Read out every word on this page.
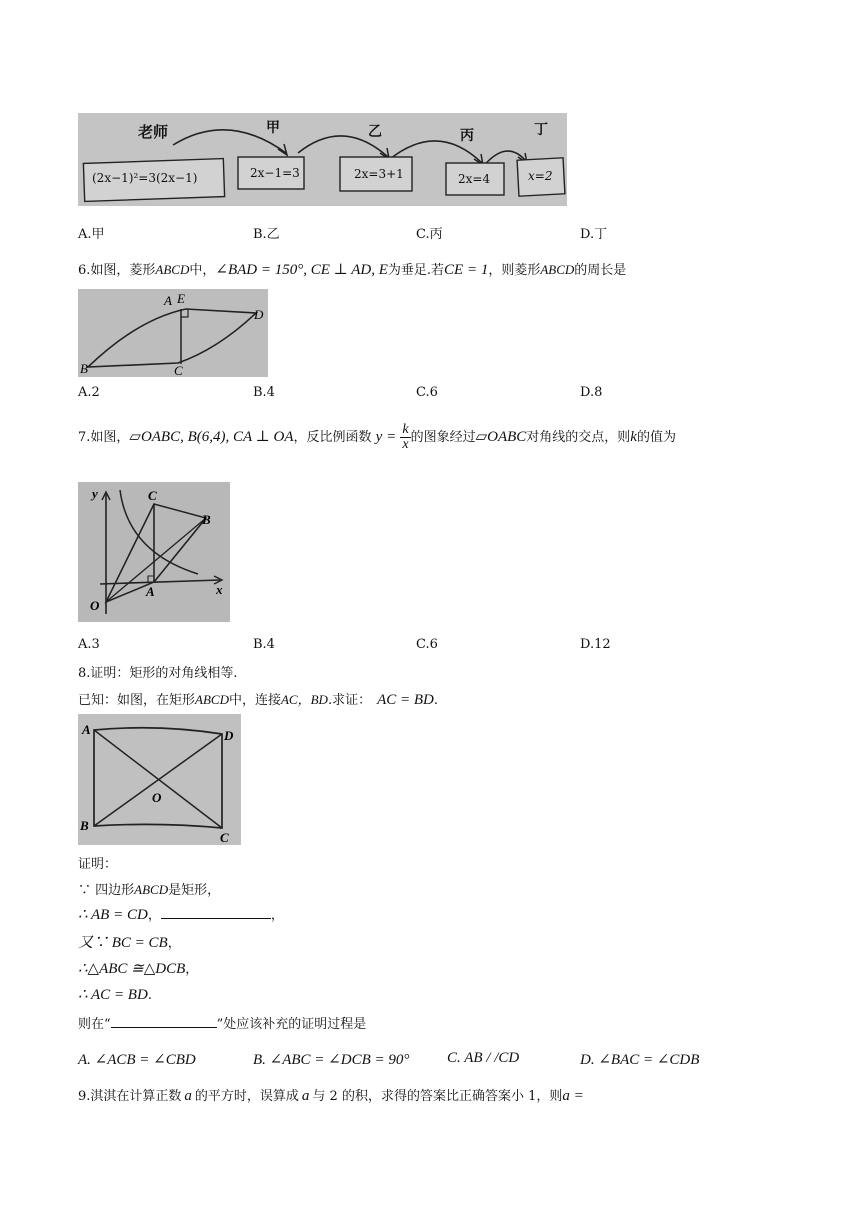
老师	甲	乙	丙	丁
(2x−1)²=3(2x−1)	2x−1=3	2x=3+1	2x=4	x=2
A.甲	B.乙	C.丙	D.丁
6.如图，菱形ABCD中，∠BAD = 150°, CE ⊥ AD, E为垂足.若CE = 1，则菱形ABCD的周长是
A E
D
B	C
A.2	B.4	C.6	D.8
7.如图，▱OABC, B(6,4), CA ⊥ OA，反比例函数 $y = \frac{k}{x}$ 的图象经过▱OABC对角线的交点，则k的值为
y	C
B
O
A	x
A.3	B.4	C.6	D.12
8.证明：矩形的对角线相等.
已知：如图，在矩形ABCD中，连接AC，BD.求证： AC = BD.
A	D
O
B
C
证明：
∵ 四边形ABCD是矩形，
∴ AB = CD，	，
又∵ BC = CB，
∴△ABC ≅△DCB，
∴ AC = BD.
则在“	”处应该补充的证明过程是
A. ∠ACB = ∠CBD	B. ∠ABC = ∠DCB = 90°	C. AB / /CD	D. ∠BAC = ∠CDB
9.淇淇在计算正数 a 的平方时，误算成 a 与 2 的积，求得的答案比正确答案小 1，则a =
